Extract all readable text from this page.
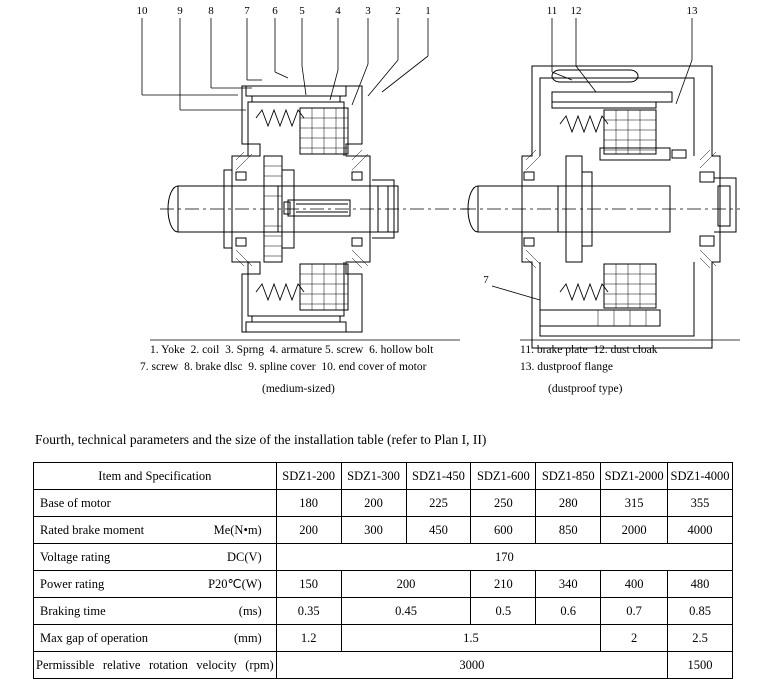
10	9 8	7 6 5	4 3 2 1	11 12	13
7
1. Yoke  2. coil  3. Sprng  4. armature 5. screw  6. hollow bolt
7. screw  8. brake dlsc  9. spline cover  10. end cover of motor
(medium-sized)
11. brake plate  12. dust cloak
13. dustproof flange
(dustproof type)
Fourth, technical parameters and the size of the installation table (refer to Plan I, II)
Item and Specification	SDZ1-200	SDZ1-300	SDZ1-450	SDZ1-600	SDZ1-850	SDZ1-2000	SDZ1-4000
Base of motor	180	200	225	250	280	315	355

Rated brake moment Me(N•m)	200	300	450	600	850	2000	4000

Voltage rating DC(V)	170						

Power rating P20℃(W)	150	200		210	340	400	480

Braking time (ms)	0.35	0.45		0.5	0.6	0.7	0.85

Max gap of operation (mm)	1.2	1.5				2	2.5
Permissible relative rotation velocity (rpm)	3000						1500
